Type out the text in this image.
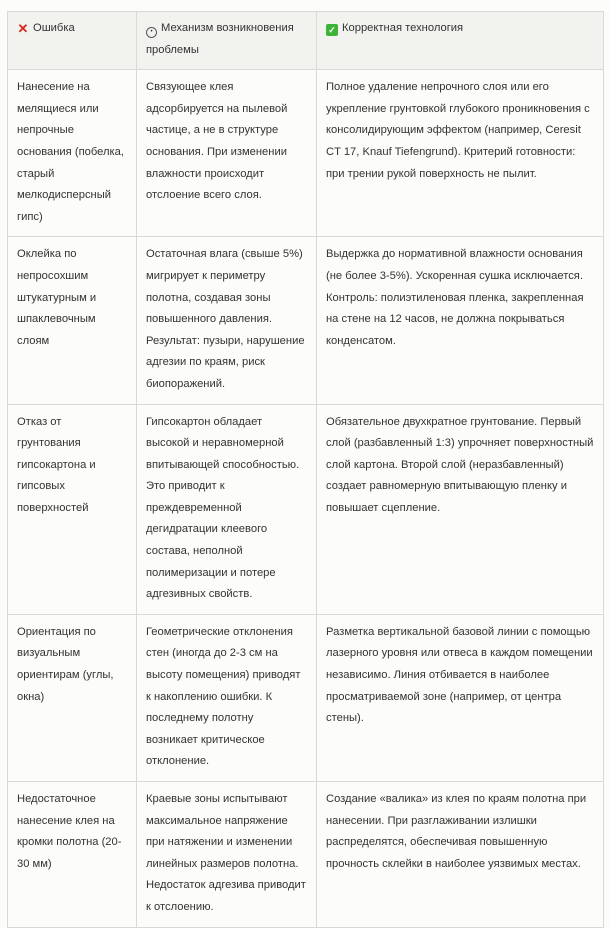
✕ Ошибка	• Механизм возникновения проблемы	✓ Корректная технология
Нанесение на мелящиеся или непрочные основания (побелка, старый мелкодисперсный гипс)	Связующее клея адсорбируется на пылевой частице, а не в структуре основания. При изменении влажности происходит отслоение всего слоя.	Полное удаление непрочного слоя или его укрепление грунтовкой глубокого проникновения с консолидирующим эффектом (например, Ceresit CT 17, Knauf Tiefengrund). Критерий готовности: при трении рукой поверхность не пылит.
Оклейка по непросохшим штукатурным и шпаклевочным слоям	Остаточная влага (свыше 5%) мигрирует к периметру полотна, создавая зоны повышенного давления. Результат: пузыри, нарушение адгезии по краям, риск биопоражений.	Выдержка до нормативной влажности основания (не более 3-5%). Ускоренная сушка исключается. Контроль: полиэтиленовая пленка, закрепленная на стене на 12 часов, не должна покрываться конденсатом.
Отказ от грунтования гипсокартона и гипсовых поверхностей	Гипсокартон обладает высокой и неравномерной впитывающей способностью. Это приводит к преждевременной дегидратации клеевого состава, неполной полимеризации и потере адгезивных свойств.	Обязательное двухкратное грунтование. Первый слой (разбавленный 1:3) упрочняет поверхностный слой картона. Второй слой (неразбавленный) создает равномерную впитывающую пленку и повышает сцепление.
Ориентация по визуальным ориентирам (углы, окна)	Геометрические отклонения стен (иногда до 2-3 см на высоту помещения) приводят к накоплению ошибки. К последнему полотну возникает критическое отклонение.	Разметка вертикальной базовой линии с помощью лазерного уровня или отвеса в каждом помещении независимо. Линия отбивается в наиболее просматриваемой зоне (например, от центра стены).
Недостаточное нанесение клея на кромки полотна (20-30 мм)	Краевые зоны испытывают максимальное напряжение при натяжении и изменении линейных размеров полотна. Недостаток адгезива приводит к отслоению.	Создание «валика» из клея по краям полотна при нанесении. При разглаживании излишки распределятся, обеспечивая повышенную прочность склейки в наиболее уязвимых местах.
